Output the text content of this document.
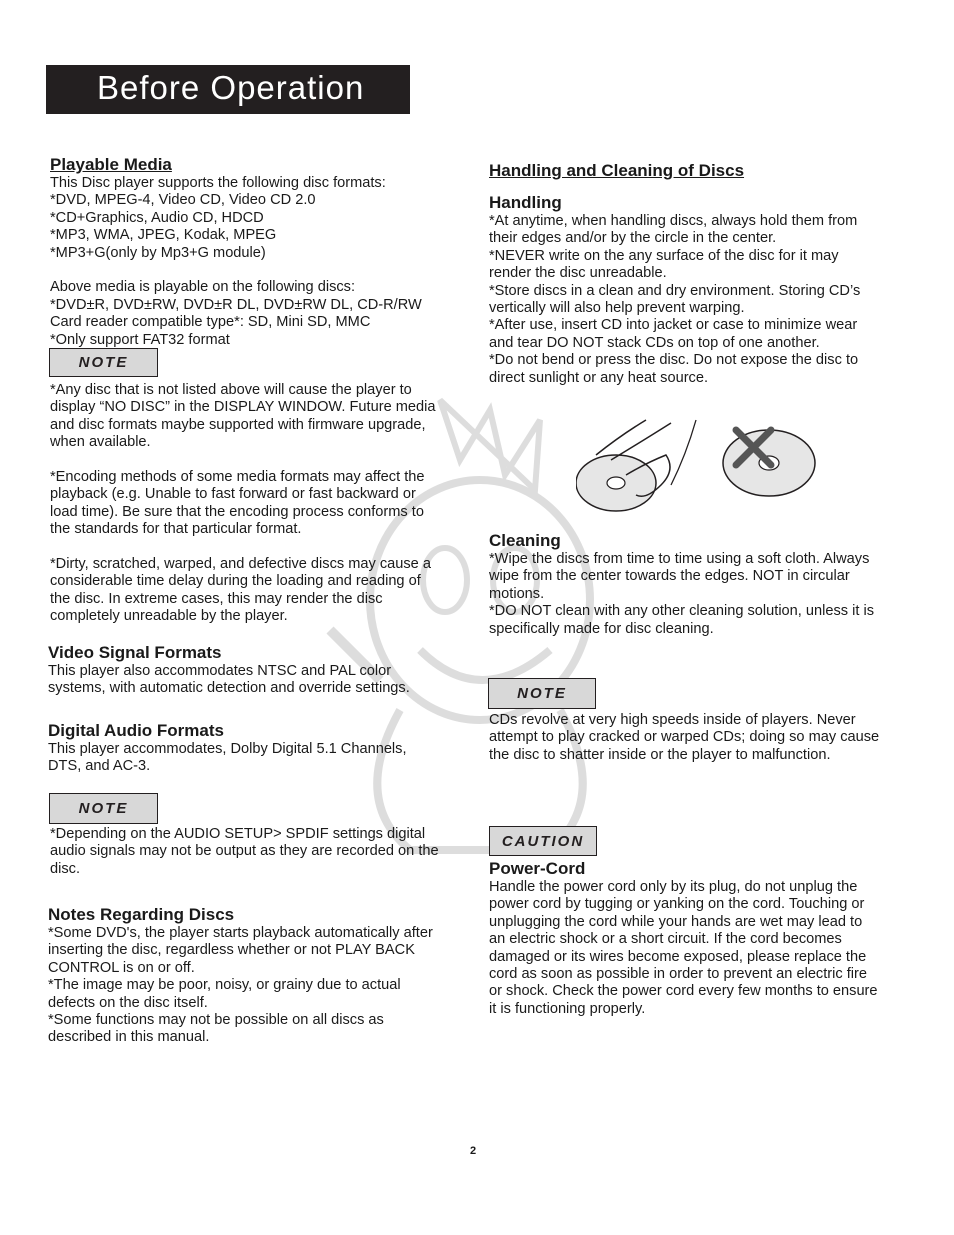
Before Operation
Playable Media
This Disc player supports the following disc formats:
*DVD, MPEG-4, Video CD, Video CD 2.0
*CD+Graphics, Audio CD, HDCD
*MP3, WMA, JPEG, Kodak, MPEG
*MP3+G(only by Mp3+G module)

Above media is playable on the following discs:
*DVD±R, DVD±RW, DVD±R DL, DVD±RW DL, CD-R/RW
Card reader compatible type*: SD, Mini SD, MMC
*Only support FAT32 format
NOTE
*Any disc that is not listed above will cause the player to
display “NO DISC” in the DISPLAY WINDOW. Future media
and disc formats maybe supported with firmware upgrade,
when available.

*Encoding methods of some media formats may affect the
playback (e.g. Unable to fast forward or fast backward or
load time). Be sure that the encoding process conforms to
the standards for that particular format.

*Dirty, scratched, warped, and defective discs may cause a
considerable time delay during the loading and reading of
the disc. In extreme cases, this may render the disc
completely unreadable by the player.
Video Signal Formats
This player also accommodates NTSC and PAL color
systems, with automatic detection and override settings.
Digital Audio Formats
This player accommodates, Dolby Digital 5.1 Channels,
DTS, and AC-3.
NOTE
*Depending on the AUDIO SETUP> SPDIF settings digital
audio signals may not be output as they are recorded on the
disc.
Notes Regarding Discs
*Some DVD's, the player starts playback automatically after
inserting the disc, regardless whether or not PLAY BACK
CONTROL is on or off.
*The image may be poor, noisy, or grainy due to actual
defects on the disc itself.
*Some functions may not be possible on all discs as
described in this manual.
Handling and Cleaning of Discs
Handling
*At anytime, when handling discs, always hold them from
their edges and/or by the circle in the center.
*NEVER write on the any surface of the disc for it may
render the disc unreadable.
*Store discs in a clean and dry environment. Storing CD’s
vertically will also help prevent warping.
*After use, insert CD into jacket or case to minimize wear
and tear DO NOT stack CDs on top of one another.
*Do not bend or press the disc. Do not expose the disc to
direct sunlight or any heat source.
Cleaning
*Wipe the discs from time to time using a soft cloth. Always
wipe from the center towards the edges. NOT in circular
motions.
*DO NOT clean with any other cleaning solution, unless it is
specifically made for disc cleaning.
NOTE
CDs revolve at very high speeds inside of players. Never
attempt to play cracked or warped CDs; doing so may cause
the disc to shatter inside or the player to malfunction.
CAUTION
Power-Cord
Handle the power cord only by its plug, do not unplug the
power cord by tugging or yanking on the cord. Touching or
unplugging the cord while your hands are wet may lead to
an electric shock or a short circuit. If the cord becomes
damaged or its wires become exposed, please replace the
cord as soon as possible in order to prevent an electric fire
or shock. Check the power cord every few months to ensure
it is functioning properly.
2
